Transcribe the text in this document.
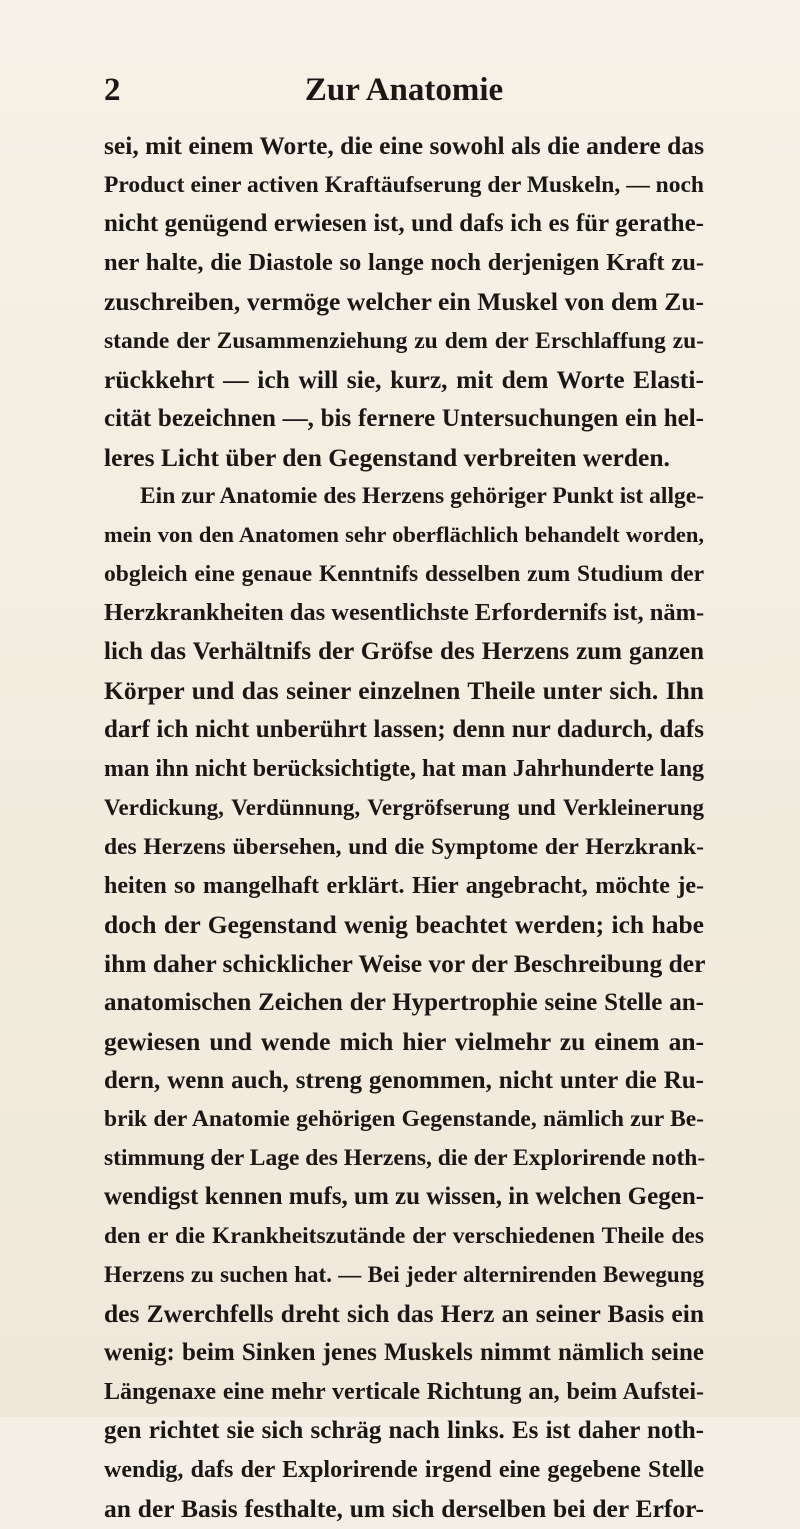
2	Zur Anatomie
sei, mit einem Worte, die eine sowohl als die andere das
Product einer activen Kraftäufserung der Muskeln, — noch
nicht genügend erwiesen ist, und dafs ich es für gerathe-
ner halte, die Diastole so lange noch derjenigen Kraft zu-
zuschreiben, vermöge welcher ein Muskel von dem Zu-
stande der Zusammenziehung zu dem der Erschlaffung zu-
rückkehrt — ich will sie, kurz, mit dem Worte Elasti-
cität bezeichnen —, bis fernere Untersuchungen ein hel-
leres Licht über den Gegenstand verbreiten werden.
Ein zur Anatomie des Herzens gehöriger Punkt ist allge-
mein von den Anatomen sehr oberflächlich behandelt worden,
obgleich eine genaue Kenntnifs desselben zum Studium der
Herzkrankheiten das wesentlichste Erfordernifs ist, näm-
lich das Verhältnifs der Gröfse des Herzens zum ganzen
Körper und das seiner einzelnen Theile unter sich. Ihn
darf ich nicht unberührt lassen; denn nur dadurch, dafs
man ihn nicht berücksichtigte, hat man Jahrhunderte lang
Verdickung, Verdünnung, Vergröfserung und Verkleinerung
des Herzens übersehen, und die Symptome der Herzkrank-
heiten so mangelhaft erklärt. Hier angebracht, möchte je-
doch der Gegenstand wenig beachtet werden; ich habe
ihm daher schicklicher Weise vor der Beschreibung der
anatomischen Zeichen der Hypertrophie seine Stelle an-
gewiesen und wende mich hier vielmehr zu einem an-
dern, wenn auch, streng genommen, nicht unter die Ru-
brik der Anatomie gehörigen Gegenstande, nämlich zur Be-
stimmung der Lage des Herzens, die der Explorirende noth-
wendigst kennen mufs, um zu wissen, in welchen Gegen-
den er die Krankheitszutände der verschiedenen Theile des
Herzens zu suchen hat. — Bei jeder alternirenden Bewegung
des Zwerchfells dreht sich das Herz an seiner Basis ein
wenig: beim Sinken jenes Muskels nimmt nämlich seine
Längenaxe eine mehr verticale Richtung an, beim Aufstei-
gen richtet sie sich schräg nach links. Es ist daher noth-
wendig, dafs der Explorirende irgend eine gegebene Stelle
an der Basis festhalte, um sich derselben bei der Erfor-
